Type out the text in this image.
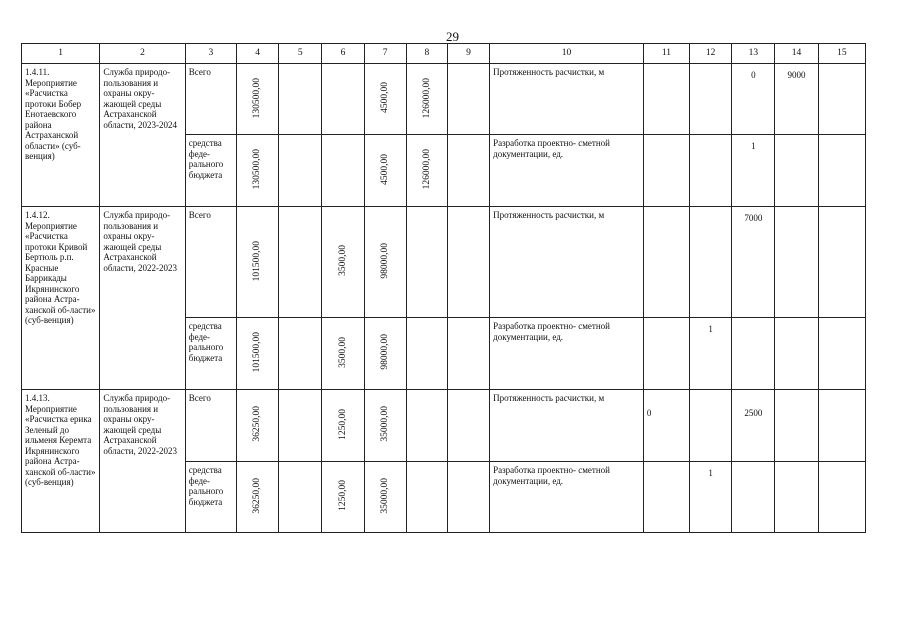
29
1	2	3	4	5	6	7	8	9	10	11	12	13	14	15
1.4.11. Мероприятие «Расчистка протоки Бобер Енотаевского района Астраханской области» (суб-венция)	Служба природо-пользования и охраны окру-жающей среды Астраханской области, 2023-2024	Всего	130500,00			4500,00	126000,00		Протяженность расчистки, м			0	9000	
		средства феде-рального бюджета	130500,00			4500,00	126000,00		Разработка проектно- сметной документации, ед.			1		
1.4.12. Мероприятие «Расчистка протоки Кривой Бертюль р.п. Красные Баррикады Икрянинского района Астра-ханской об-ласти» (суб-венция)	Служба природо-пользования и охраны окру-жающей среды Астраханской области, 2022-2023	Всего	101500,00		3500,00	98000,00			Протяженность расчистки, м			7000		
		средства феде-рального бюджета	101500,00		3500,00	98000,00			Разработка проектно- сметной документации, ед.		1			
1.4.13. Мероприятие «Расчистка ерика Зеленый до ильменя Керемта Икрянинского района Астра-ханской об-ласти» (суб-венция)	Служба природо-пользования и охраны окру-жающей среды Астраханской области, 2022-2023	Всего	36250,00		1250,00	35000,00			Протяженность расчистки, м	0		2500		
		средства феде-рального бюджета	36250,00		1250,00	35000,00			Разработка проектно- сметной документации, ед.		1			
